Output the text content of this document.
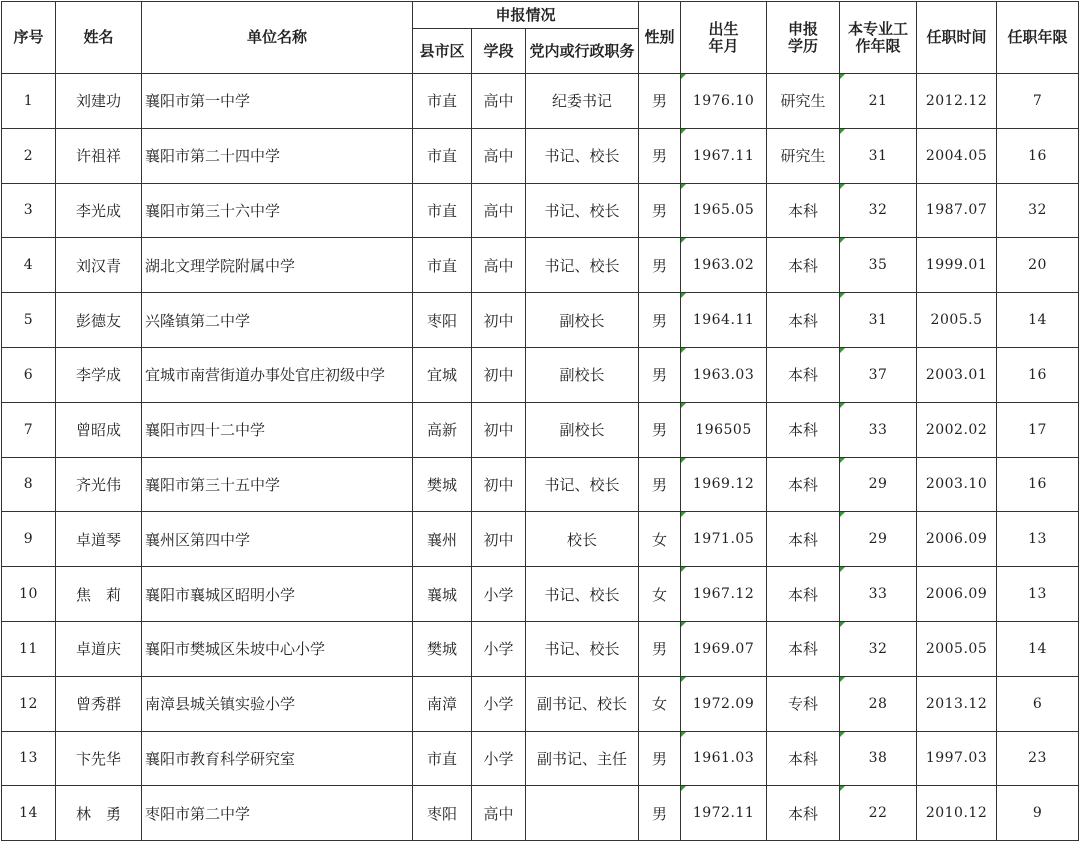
序号	姓名	单位名称	申报情况			性别	出生年月	申报学历	本专业工作年限	任职时间	任职年限
			县市区	学段	党内或行政职务						
1	刘建功	襄阳市第一中学	市直	高中	纪委书记	男	1976.10	研究生	21	2012.12	7
2	许祖祥	襄阳市第二十四中学	市直	高中	书记、校长	男	1967.11	研究生	31	2004.05	16
3	李光成	襄阳市第三十六中学	市直	高中	书记、校长	男	1965.05	本科	32	1987.07	32
4	刘汉青	湖北文理学院附属中学	市直	高中	书记、校长	男	1963.02	本科	35	1999.01	20
5	彭德友	兴隆镇第二中学	枣阳	初中	副校长	男	1964.11	本科	31	2005.5	14
6	李学成	宜城市南营街道办事处官庄初级中学	宜城	初中	副校长	男	1963.03	本科	37	2003.01	16
7	曾昭成	襄阳市四十二中学	高新	初中	副校长	男	196505	本科	33	2002.02	17
8	齐光伟	襄阳市第三十五中学	樊城	初中	书记、校长	男	1969.12	本科	29	2003.10	16
9	卓道琴	襄州区第四中学	襄州	初中	校长	女	1971.05	本科	29	2006.09	13
10	焦　莉	襄阳市襄城区昭明小学	襄城	小学	书记、校长	女	1967.12	本科	33	2006.09	13
11	卓道庆	襄阳市樊城区朱坡中心小学	樊城	小学	书记、校长	男	1969.07	本科	32	2005.05	14
12	曾秀群	南漳县城关镇实验小学	南漳	小学	副书记、校长	女	1972.09	专科	28	2013.12	6
13	卞先华	襄阳市教育科学研究室	市直	小学	副书记、主任	男	1961.03	本科	38	1997.03	23
14	林　勇	枣阳市第二中学	枣阳	高中		男	1972.11	本科	22	2010.12	9
